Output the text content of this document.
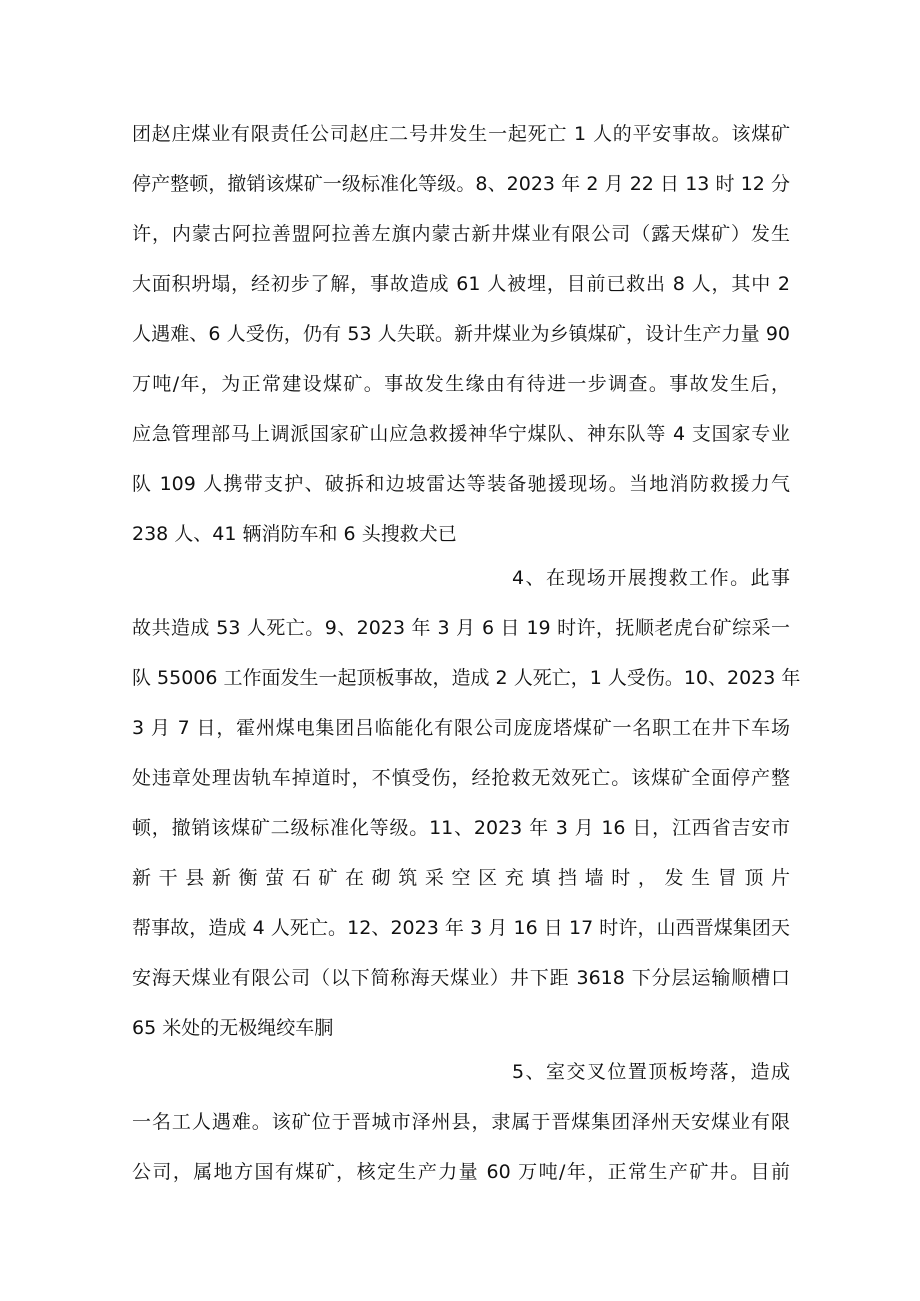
团赵庄煤业有限责任公司赵庄二号井发生一起死亡 1 人的平安事故。该煤矿
停产整顿，撤销该煤矿一级标准化等级。8、2023 年 2 月 22 日 13 时 12 分
许，内蒙古阿拉善盟阿拉善左旗内蒙古新井煤业有限公司（露天煤矿）发生
大面积坍塌，经初步了解，事故造成 61 人被埋，目前已救出 8 人，其中 2
人遇难、6 人受伤，仍有 53 人失联。新井煤业为乡镇煤矿，设计生产力量 90
万吨/年，为正常建设煤矿。事故发生缘由有待进一步调查。事故发生后，
应急管理部马上调派国家矿山应急救援神华宁煤队、神东队等 4 支国家专业
队 109 人携带支护、破拆和边坡雷达等装备驰援现场。当地消防救援力气
238 人、41 辆消防车和 6 头搜救犬已
4、在现场开展搜救工作。此事
故共造成 53 人死亡。9、2023 年 3 月 6 日 19 时许，抚顺老虎台矿综采一
队 55006 工作面发生一起顶板事故，造成 2 人死亡，1 人受伤。10、2023 年
3 月 7 日，霍州煤电集团吕临能化有限公司庞庞塔煤矿一名职工在井下车场
处违章处理齿轨车掉道时，不慎受伤，经抢救无效死亡。该煤矿全面停产整
顿，撤销该煤矿二级标准化等级。11、2023 年 3 月 16 日，江西省吉安市
新干县新衡萤石矿在砌筑采空区充填挡墙时，发生冒顶片
帮事故，造成 4 人死亡。12、2023 年 3 月 16 日 17 时许，山西晋煤集团天
安海天煤业有限公司（以下简称海天煤业）井下距 3618 下分层运输顺槽口
65 米处的无极绳绞车胴
5、室交叉位置顶板垮落，造成
一名工人遇难。该矿位于晋城市泽州县，隶属于晋煤集团泽州天安煤业有限
公司，属地方国有煤矿，核定生产力量 60 万吨/年，正常生产矿井。目前
